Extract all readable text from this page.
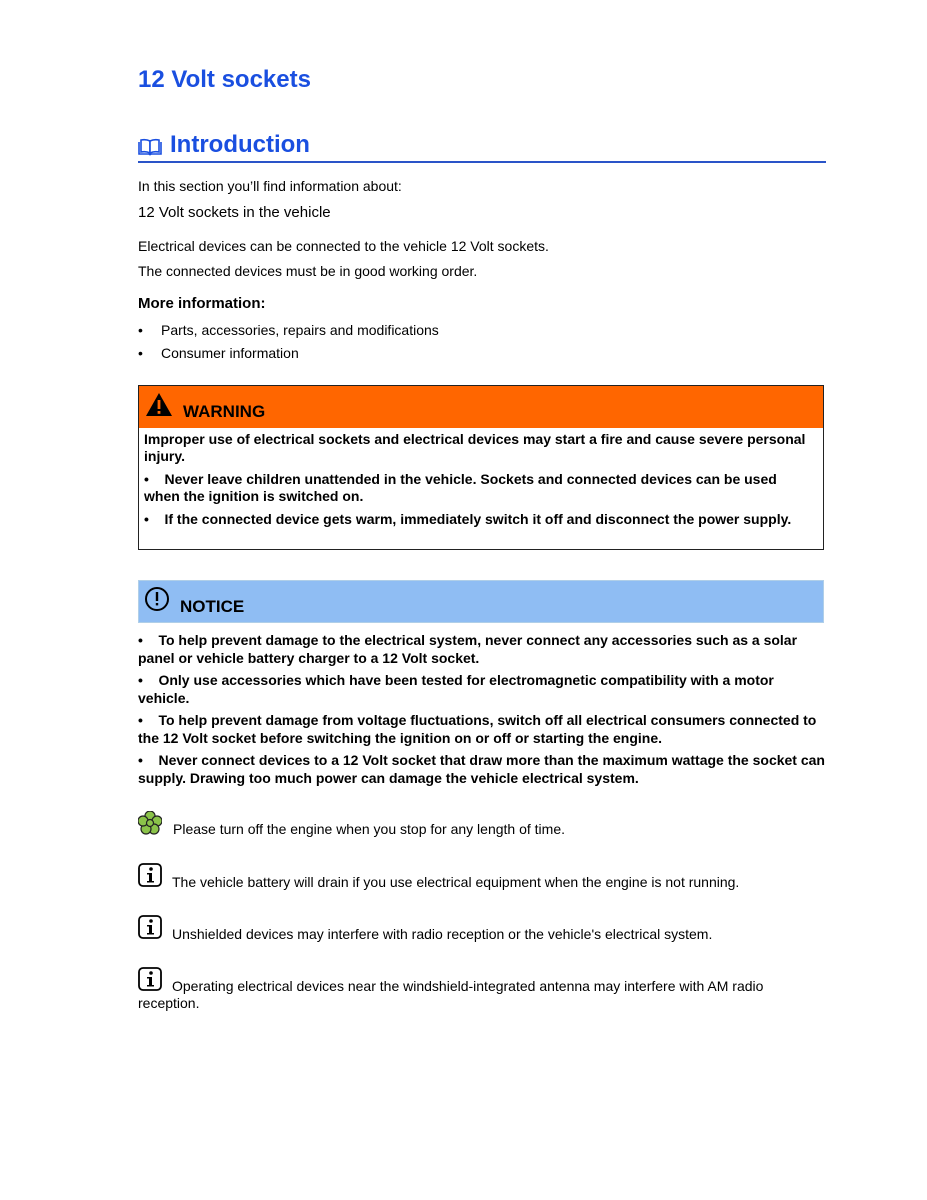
12 Volt sockets
Introduction

In this section you’ll find information about:

12 Volt sockets in the vehicle

Electrical devices can be connected to the vehicle 12 Volt sockets.

The connected devices must be in good working order.

More information:

• Parts, accessories, repairs and modifications
• Consumer information
WARNING

Improper use of electrical sockets and electrical devices may start a fire and cause severe personal injury.

•    Never leave children unattended in the vehicle. Sockets and connected devices can be used when the ignition is switched on.

•    If the connected device gets warm, immediately switch it off and disconnect the power supply.

NOTICE

•    To help prevent damage to the electrical system, never connect any accessories such as a solar panel or vehicle battery charger to a 12 Volt socket.

•    Only use accessories which have been tested for electromagnetic compatibility with a motor vehicle.

•    To help prevent damage from voltage fluctuations, switch off all electrical consumers connected to the 12 Volt socket before switching the ignition on or off or starting the engine.

•    Never connect devices to a 12 Volt socket that draw more than the maximum wattage the socket can supply. Drawing too much power can damage the vehicle electrical system.

Please turn off the engine when you stop for any length of time.
The vehicle battery will drain if you use electrical equipment when the engine is not running.
Unshielded devices may interfere with radio reception or the vehicle's electrical system.
Operating electrical devices near the windshield-integrated antenna may interfere with AM radio
reception.
